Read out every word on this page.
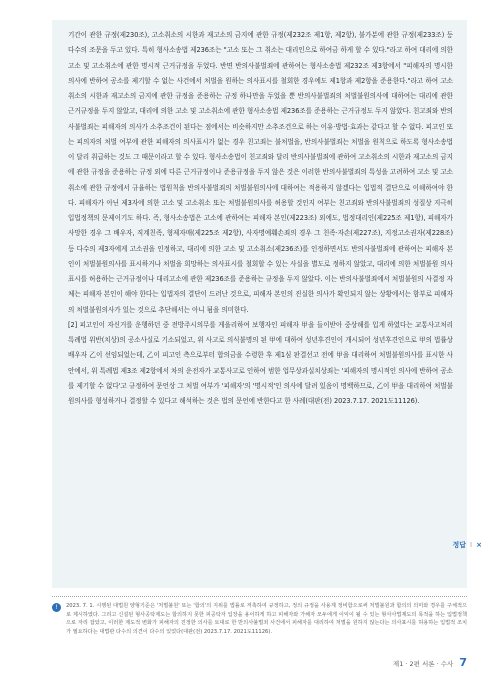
기간이 관한 규정(제230조), 고소취소의 시한과 재고소의 금지에 관한 규정(제232조 제1항, 제2항), 불가분에 관한 규정(제233조) 등 다수의 조문을 두고 있다. 특히 형사소송법 제236조는 "고소 또는 그 취소는 대리인으로 하여금 하게 할 수 있다."라고 하여 대리에 의한 고소 및 고소취소에 관한 명시적 근거규정을 두었다. 반면 반의사불벌죄에 관하여는 형사소송법 제232조 제3항에서 "피해자의 명시한 의사에 반하여 공소를 제기할 수 없는 사건에서 처벌을 원하는 의사표시를 철회한 경우에도 제1항과 제2항을 준용한다."라고 하여 고소취소의 시한과 재고소의 금지에 관한 규정을 준용하는 규정 하나만을 두었을 뿐 반의사불벌죄의 처벌불원의사에 대하여는 대리에 관한 근거규정을 두지 않았고, 대리에 의한 고소 및 고소취소에 관한 형사소송법 제236조를 준용하는 근거규정도 두지 않았다. 친고죄와 반의사불벌죄는 피해자의 의사가 소추조건이 된다는 점에서는 비슷하지만 소추조건으로 하는 이유·방법·효과는 같다고 할 수 없다. 피고인 또는 피의자의 처벌 여부에 관한 피해자의 의사표시가 없는 경우 친고죄는 불처벌을, 반의사불벌죄는 처벌을 원칙으로 하도록 형사소송법이 달리 취급하는 것도 그 때문이라고 할 수 있다. 형사소송법이 친고죄와 달리 반의사불벌죄에 관하여 고소취소의 시한과 재고소의 금지에 관한 규정을 준용하는 규정 외에 다른 근거규정이나 준용규정을 두지 않은 것은 이러한 반의사불벌죄의 특성을 고려하여 고소 및 고소취소에 관한 규정에서 규율하는 법원칙을 반의사불벌죄의 처벌불원의사에 대하여는 적용하지 않겠다는 입법적 결단으로 이해하여야 한다. 피해자가 아닌 제3자에 의한 고소 및 고소취소 또는 처벌불원의사를 허용할 것인지 여부는 친고죄와 반의사불벌죄의 성질상 지극히 입법정책의 문제이기도 하다. 즉, 형사소송법은 고소에 관하여는 피해자 본인(제223조) 외에도, 법정대리인(제225조 제1항), 피해자가 사망한 경우 그 배우자, 직계친족, 형제자매(제225조 제2항), 사자명예훼손죄의 경우 그 친족·자손(제227조), 지정고소권자(제228조) 등 다수의 제3자에게 고소권을 인정하고, 대리에 의한 고소 및 고소취소(제236조)를 인정하면서도 반의사불벌죄에 관하여는 피해자 본인이 처벌불원의사를 표시하거나 처벌을 희망하는 의사표시를 철회할 수 있는 사실을 별도로 정하지 않았고, 대리에 의한 처벌불원 의사표시를 허용하는 근거규정이나 대리고소에 관한 제236조를 준용하는 규정을 두지 않았다. 이는 반의사불벌죄에서 처벌불원의 사결정 자체는 피해자 본인이 해야 한다는 입법자의 결단이 드러난 것으로, 피해자 본인의 진실한 의사가 확인되지 않는 상황에서는 함부로 피해자의 처벌불원의사가 있는 것으로 추단해서는 아니 됨을 의미한다.

[2] 피고인이 자신거를 운행하던 중 전방주시의무를 게을리하여 보행자인 피해자 甲을 들이받아 중상해를 입게 하였다는 교통사고처리 특례법 위반(치상)의 공소사실로 기소되었고, 위 사고로 의식불명의 된 甲에 대하여 성년후견인이 개시되어 성년후견인으로 甲의 법률상 배우자 乙이 선임되었는데, 乙이 피고인 측으로부터 합의금을 수령한 후 제1심 판결선고 전에 甲을 대리하여 처벌불원의사를 표시한 사안에서, 위 특례법 제3조 제2항에서 차의 운전자가 교통사고로 인하여 범한 업무상과실치상죄는 '피해자의 명시적인 의사에 반하여 공소를 제기할 수 없다'고 규정하여 문언상 그 처벌 여부가 '피해자'의 '명시적'인 의사에 달려 있음이 명백하므로, 乙이 甲을 대리하여 처벌불원의사를 형성하거나 결정할 수 있다고 해석하는 것은 법의 문언에 반한다고 한 사례(대판(전) 2023.7.17. 2021도11126).

정답 I ×
!	2023. 7. 1. 시행된 대법원 양형기준은 '처벌불원' 또는 '합의'의 지위를 법률로 저촉하여 규정하고, 정의 규정을 사용계 정비함으로써 처벌불원과 합의의 의미와 경우를 구체적으로 제시하였다. 그리고 신설된 형사공탁제도는 합의하지 못한 피공탁자 입장을 용이하게 하고 피해자와 가해자 모두에게 이익이 될 수 있는 형사사법제도의 목적을 하는 입법정책으로 자리 잡았고, 이러한 제도적 변화가 피해자의 진정한 의사를 토대로 한 반의사불벌죄 사건에서 피해자를 대리하여 처벌을 원하지 않는다는 의사표시를 허용하는 입법적 조치가 필요하다는 대법관 다수의 의견이 다수의 있었다(대판(전) 2023.7.17. 2021도11126).

제1 · 2편 서론 · 수사 7
